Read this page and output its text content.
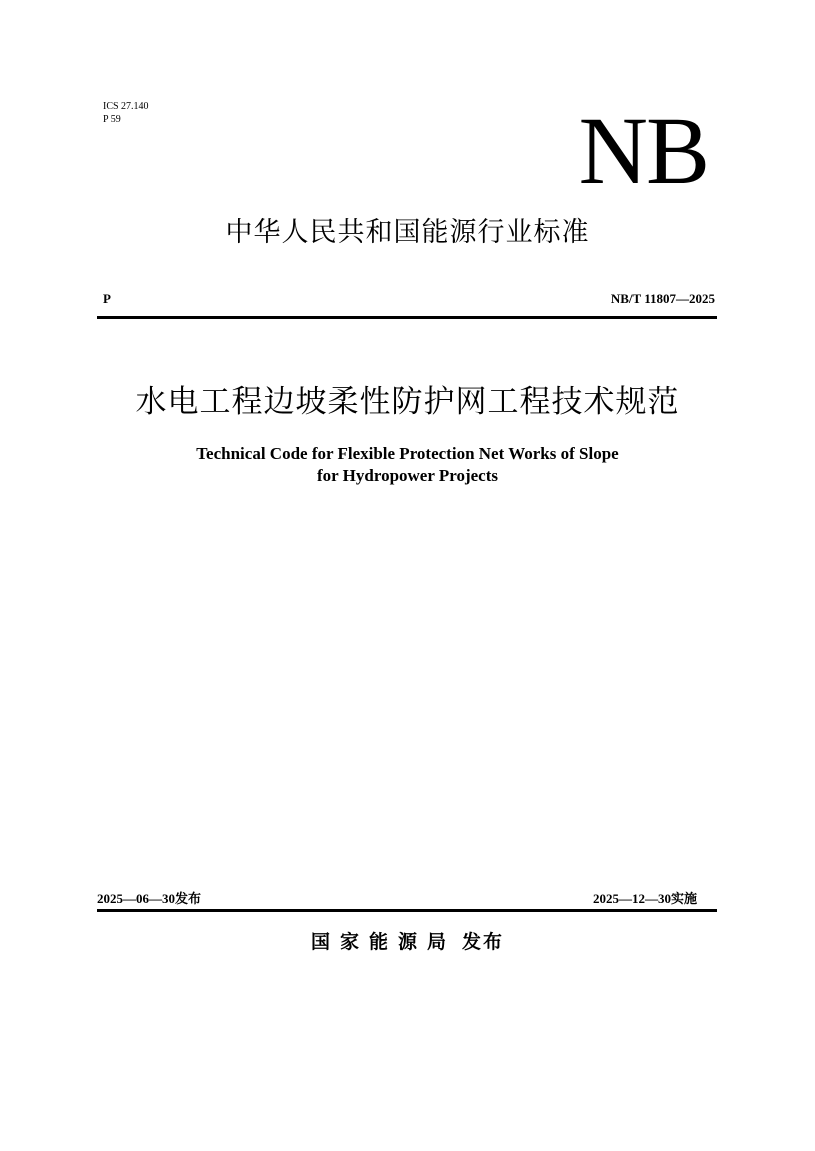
ICS 27.140
P 59	NB
中华人民共和国能源行业标准
P	NB/T 11807—2025
水电工程边坡柔性防护网工程技术规范
Technical Code for Flexible Protection Net Works of Slope
for Hydropower Projects
2025—06—30发布	2025—12—30实施
国家能源局 发布
